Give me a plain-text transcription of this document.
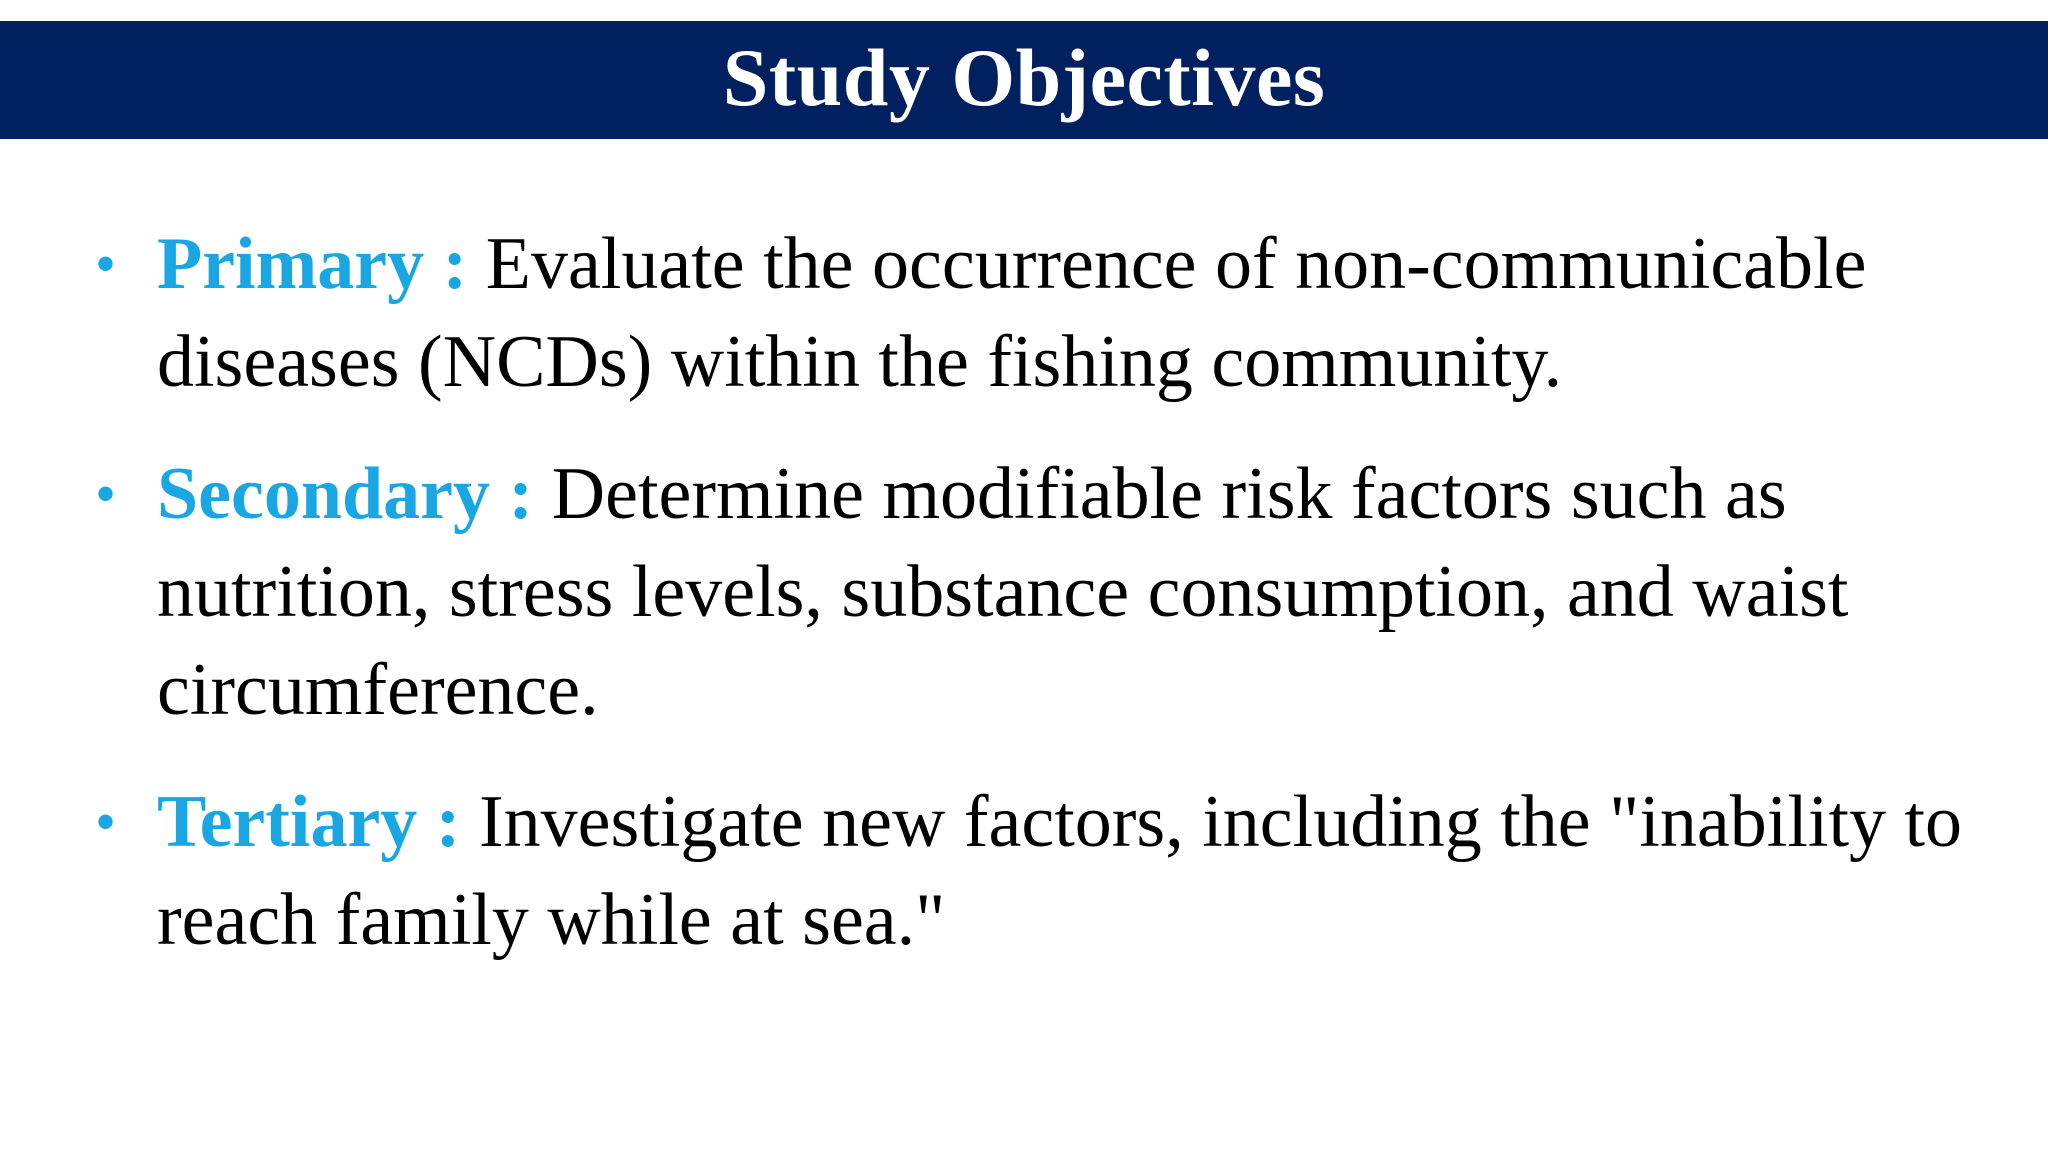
Study Objectives
• Primary : Evaluate the occurrence of non-communicable diseases (NCDs) within the fishing community.
• Secondary : Determine modifiable risk factors such as nutrition, stress levels, substance consumption, and waist circumference.
• Tertiary : Investigate new factors, including the "inability to reach family while at sea."
